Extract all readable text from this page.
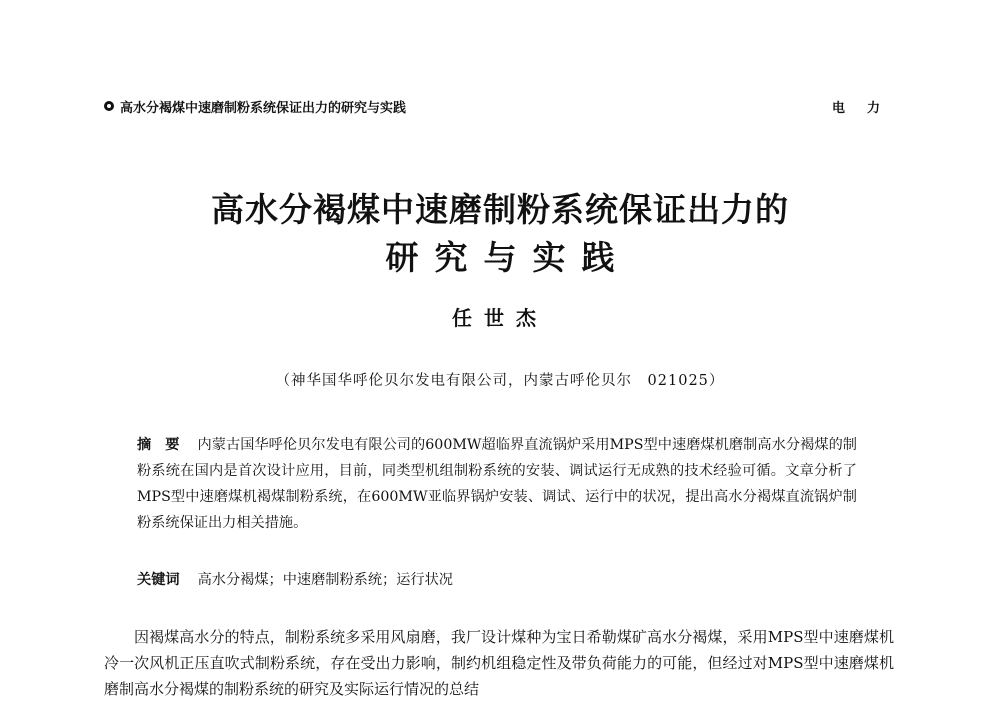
高水分褐煤中速磨制粉系统保证出力的研究与实践	电力
高水分褐煤中速磨制粉系统保证出力的
研究与实践
任世杰
（神华国华呼伦贝尔发电有限公司，内蒙古呼伦贝尔　021025）
摘要 内蒙古国华呼伦贝尔发电有限公司的600MW超临界直流锅炉采用MPS型中速磨煤机磨制高水分褐煤的制粉系统在国内是首次设计应用，目前，同类型机组制粉系统的安装、调试运行无成熟的技术经验可循。文章分析了MPS型中速磨煤机褐煤制粉系统，在600MW亚临界锅炉安装、调试、运行中的状况，提出高水分褐煤直流锅炉制粉系统保证出力相关措施。
关键词 高水分褐煤；中速磨制粉系统；运行状况

因褐煤高水分的特点，制粉系统多采用风扇磨，我厂设计煤种为宝日希勒煤矿高水分褐煤，采用MPS型中速磨煤机冷一次风机正压直吹式制粉系统，存在受出力影响，制约机组稳定性及带负荷能力的可能，但经过对MPS型中速磨煤机磨制高水分褐煤的制粉系统的研究及实际运行情况的总结
